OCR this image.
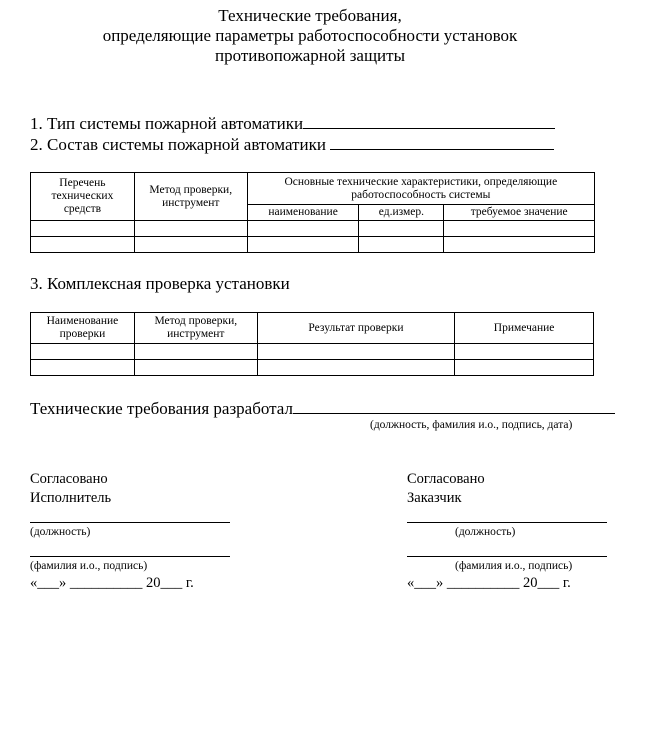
Технические требования,
определяющие параметры работоспособности установок
противопожарной защиты
1. Тип системы пожарной автоматики
2. Состав системы пожарной автоматики
Перечень технических средств	Метод проверки, инструмент	Основные технические характеристики, определяющие работоспособность системы		
		наименование	ед.измер.	требуемое значение

3. Комплексная проверка установки
Наименование проверки	Метод проверки, инструмент	Результат проверки	Примечание

Технические требования разработал
(должность, фамилия и.о., подпись, дата)
Согласовано
Исполнитель
(должность)
(фамилия и.о., подпись)
«___» __________ 20___ г.
Согласовано
Заказчик
(должность)
(фамилия и.о., подпись)
«___» __________ 20___ г.
